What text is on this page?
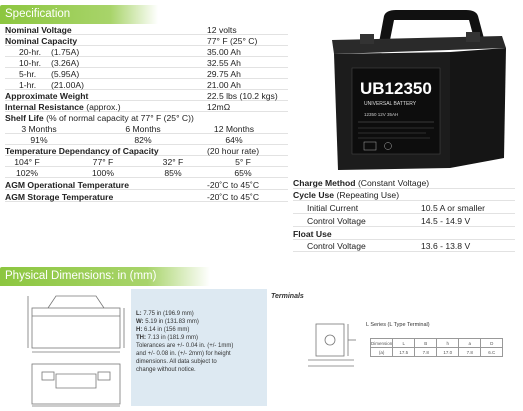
Specification
Nominal Voltage	12 volts
Nominal Capacity	77° F (25° C)
20-hr. (1.75A)	35.00 Ah
10-hr. (3.26A)	32.55 Ah
5-hr. (5.95A)	29.75 Ah
1-hr. (21.00A)	21.00 Ah
Approximate Weight	22.5 lbs (10.2 kgs)
Internal Resistance (approx.)	12mΩ
Shelf Life (% of normal capacity at 77° F (25° C))
3 Months	6 Months	12 Months
91%	82%	64%
Temperature Dependancy of Capacity	(20 hour rate)
104° F	77° F	32° F	5° F
102%	100%	85%	65%
AGM Operational Temperature	-20˚C to 45˚C
AGM Storage Temperature	-20˚C to 45˚C
UB12350
UNIVERSAL BATTERY
12350 12V 35AH
Charge Method (Constant Voltage)
Cycle Use (Repeating Use)
Initial Current	10.5 A or smaller
Control Voltage	14.5 - 14.9 V
Float Use
Control Voltage	13.6 - 13.8 V
Physical Dimensions: in (mm)
L: 7.75 in (196.9 mm)
W: 5.19 in (131.83 mm)
H: 6.14 in (156 mm)
TH: 7.13 in (181.9 mm)
Tolerances are +/- 0.04 in. (+/- 1mm)
and +/- 0.08 in. (+/- 2mm) for height
dimensions. All data subject to
change without notice.
Terminals
L Series (L Type Terminal)
Dimension	L	B	h	a	D
(a)	17.5	7.8	17.0	7.8	6.C
